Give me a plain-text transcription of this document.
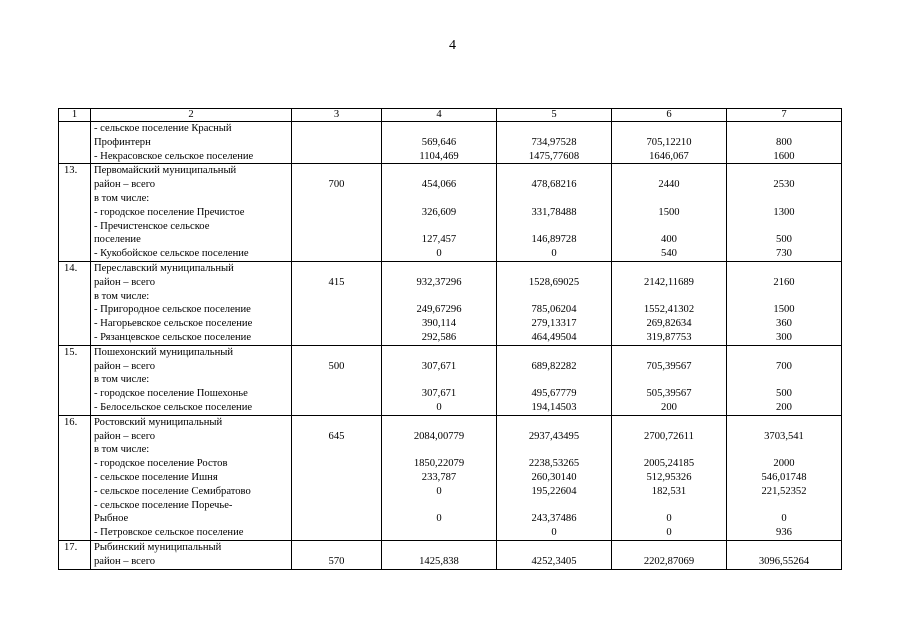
4
1	2	3	4	5	6	7
	- сельское поселение Красный					
	Профинтерн		569,646	734,97528	705,12210	800
	- Некрасовское сельское поселение		1104,469	1475,77608	1646,067	1600
13.	Первомайский муниципальный					
	район – всего	700	454,066	478,68216	2440	2530
	в том числе:					
	- городское поселение Пречистое		326,609	331,78488	1500	1300
	- Пречистенское сельское					
	поселение		127,457	146,89728	400	500
	- Кукобойское сельское поселение		0	0	540	730
14.	Переславский муниципальный					
	район – всего	415	932,37296	1528,69025	2142,11689	2160
	в том числе:					
	- Пригородное сельское поселение		249,67296	785,06204	1552,41302	1500
	- Нагорьевское сельское поселение		390,114	279,13317	269,82634	360
	- Рязанцевское сельское поселение		292,586	464,49504	319,87753	300
15.	Пошехонский муниципальный					
	район – всего	500	307,671	689,82282	705,39567	700
	в том числе:					
	- городское поселение Пошехонье		307,671	495,67779	505,39567	500
	- Белосельское сельское поселение		0	194,14503	200	200
16.	Ростовский муниципальный					
	район – всего	645	2084,00779	2937,43495	2700,72611	3703,541
	в том числе:					
	- городское поселение Ростов		1850,22079	2238,53265	2005,24185	2000
	- сельское поселение Ишня		233,787	260,30140	512,95326	546,01748
	- сельское поселение Семибратово		0	195,22604	182,531	221,52352
	- сельское поселение Поречье-					
	Рыбное		0	243,37486	0	0
	- Петровское сельское поселение			0	0	936
17.	Рыбинский муниципальный					
	район – всего	570	1425,838	4252,3405	2202,87069	3096,55264
